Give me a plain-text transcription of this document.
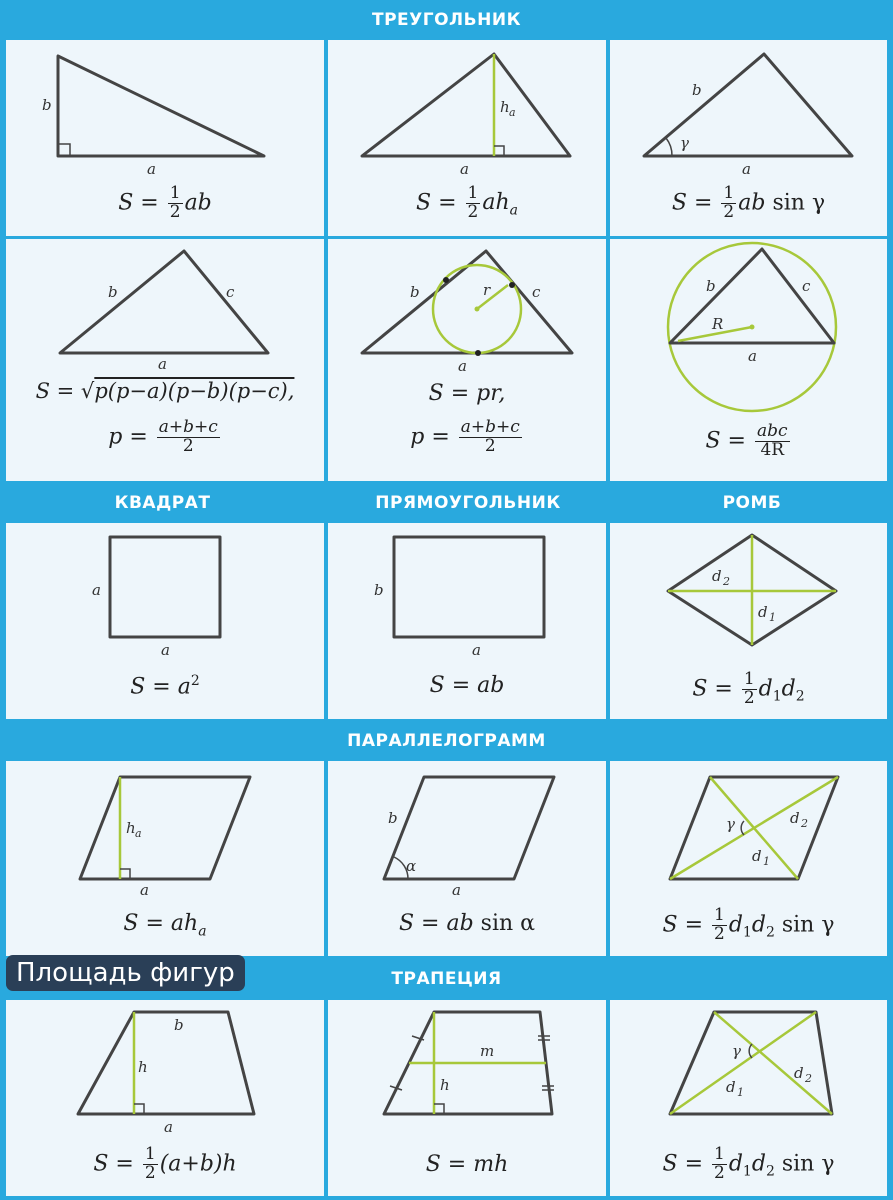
ТРЕУГОЛЬНИК
КВАДРАТ	ПРЯМОУГОЛЬНИК	РОМБ
ПАРАЛЛЕЛОГРАММ
ТРАПЕЦИЯ
b
a
$S = \frac{1}{2}$ ab
h a
a
$S = \frac{1}{2} ah_a$
b
γ
a
$S = \frac{1}{2}$ ab sin γ
b	c
a
S = √p(p−a)(p−b)(p−c),
$p = \frac{a+b+c}{2}$
r
b	c
a
S = pr,
$p = \frac{a+b+c}{2}$
b	c
R
a
$S = \frac{\text{abc}}{4R}$
a
a
$S = a^2$
b
a
S = ab
d 2
d 1
$S = \frac{1}{2} d_1d_2$
h a
a
$S = ah_a$
b
α
a
S = ab sin α
γ	d 2
d 1
$S = \frac{1}{2} d_1d_2$ sin γ
b
h
a
$S = \frac{1}{2} (a+b)h$
m
h
S = mh
γ
d 2
d 1
$S = \frac{1}{2} d_1d_2$ sin γ
Площадь фигур
